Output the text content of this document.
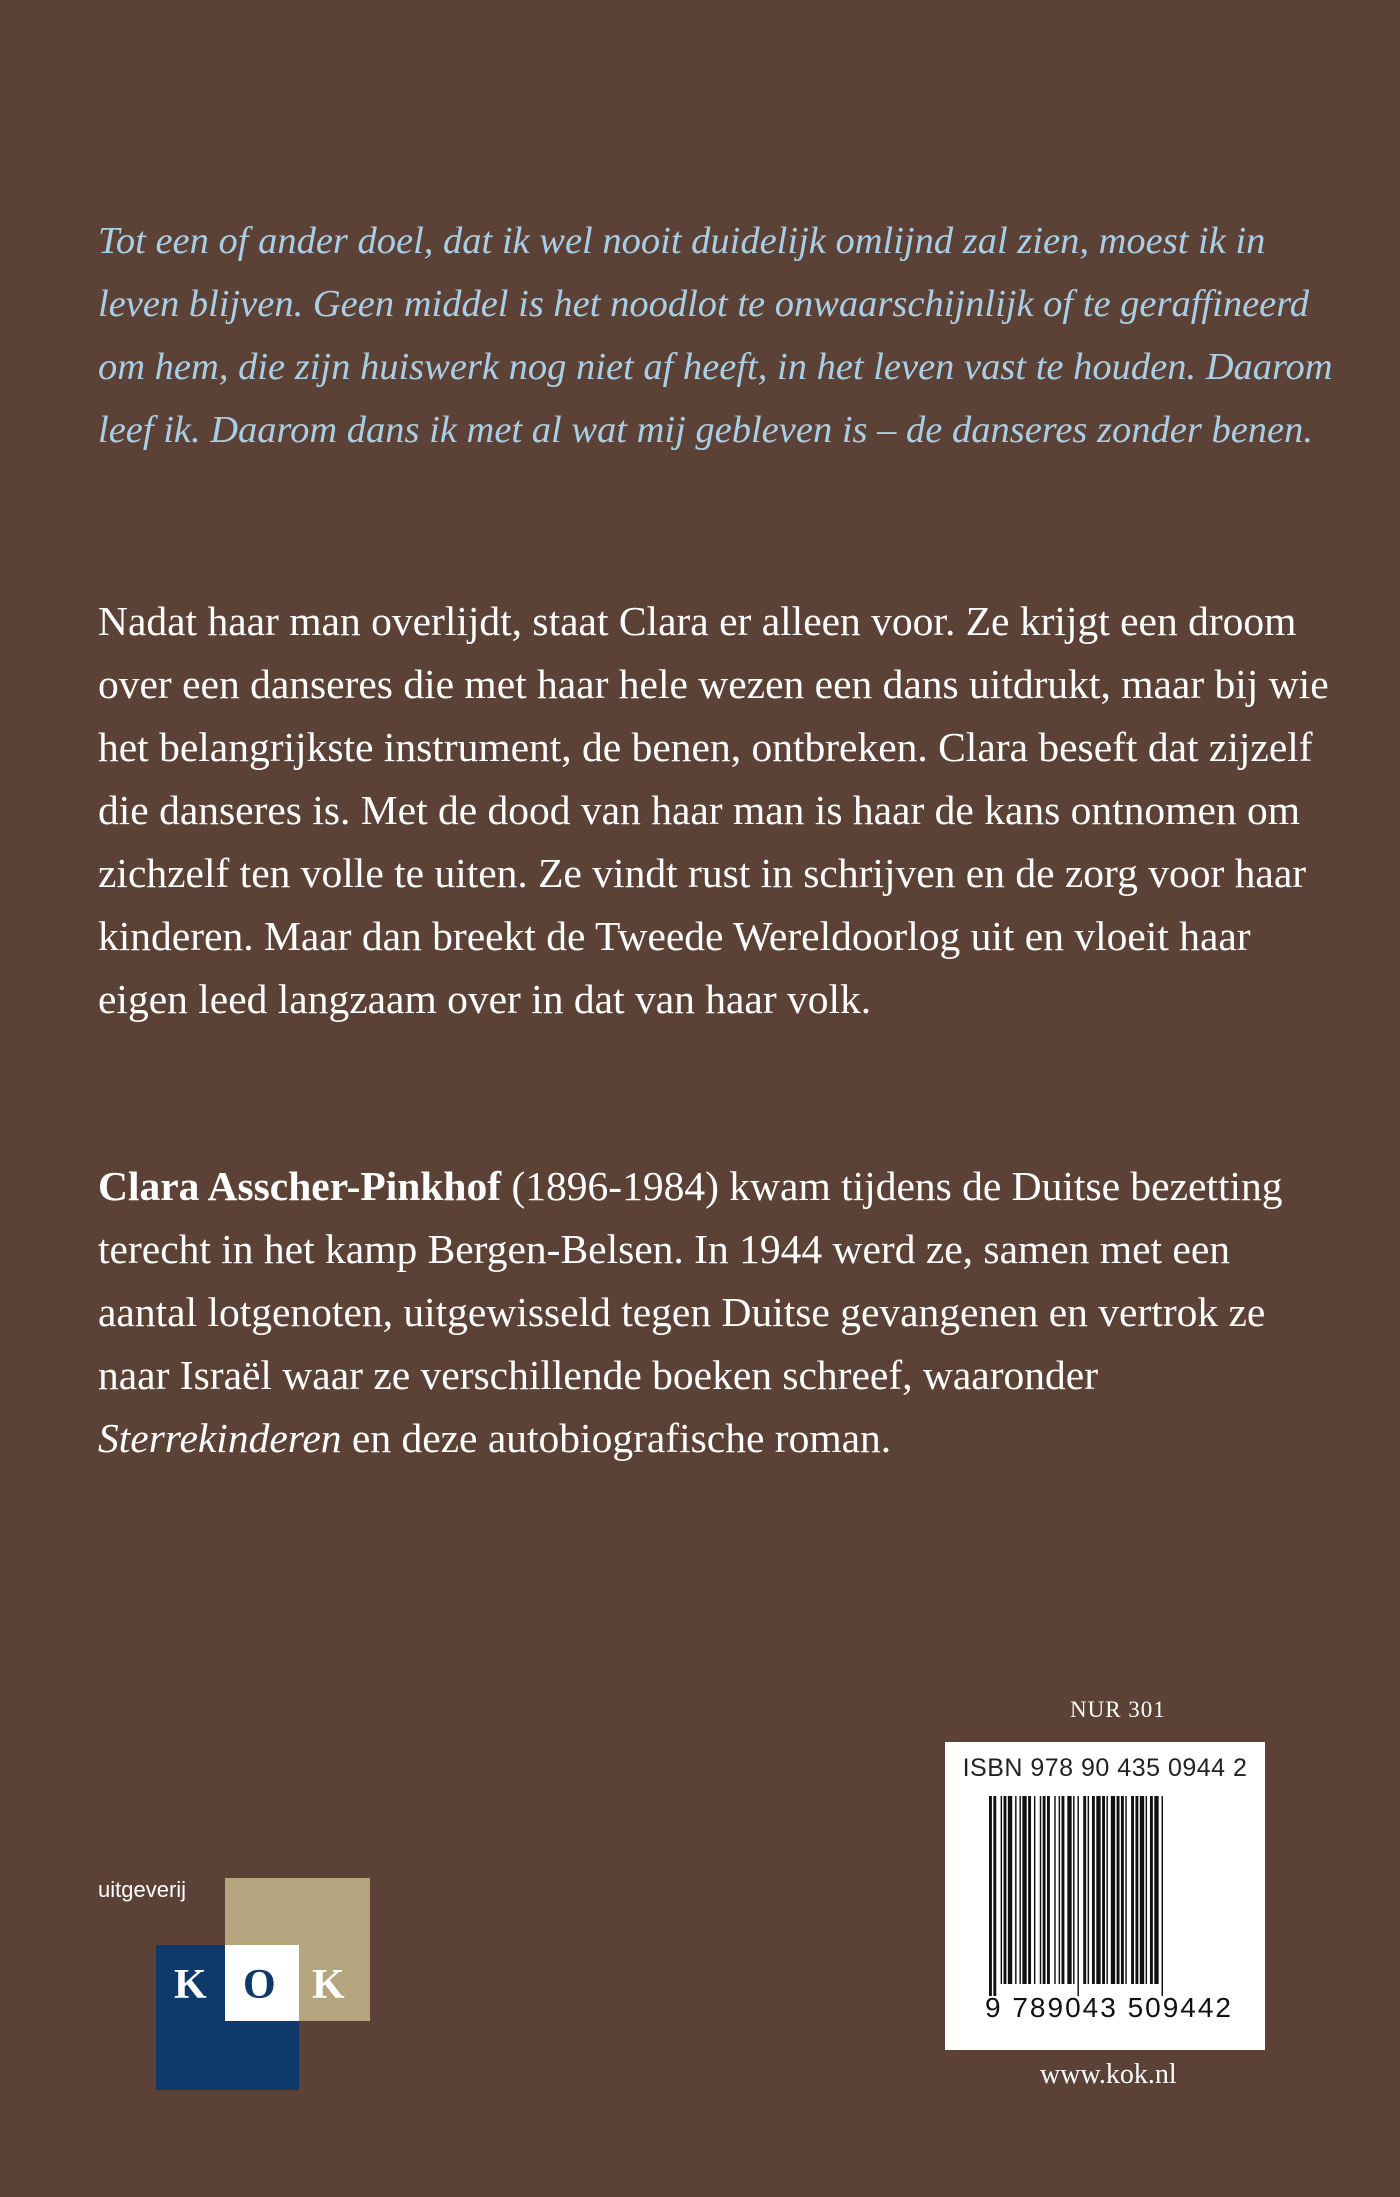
Tot een of ander doel, dat ik wel nooit duidelijk omlijnd zal zien, moest ik in leven blijven. Geen middel is het noodlot te onwaarschijnlijk of te geraffineerd om hem, die zijn huiswerk nog niet af heeft, in het leven vast te houden. Daarom leef ik. Daarom dans ik met al wat mij gebleven is – de danseres zonder benen.

Nadat haar man overlijdt, staat Clara er alleen voor. Ze krijgt een droom over een danseres die met haar hele wezen een dans uitdrukt, maar bij wie het belangrijkste instrument, de benen, ontbreken. Clara beseft dat zijzelf die danseres is. Met de dood van haar man is haar de kans ontnomen om zichzelf ten volle te uiten. Ze vindt rust in schrijven en de zorg voor haar kinderen. Maar dan breekt de Tweede Wereldoorlog uit en vloeit haar eigen leed langzaam over in dat van haar volk.

Clara Asscher-Pinkhof (1896-1984) kwam tijdens de Duitse bezetting terecht in het kamp Bergen-Belsen. In 1944 werd ze, samen met een aantal lotgenoten, uitgewisseld tegen Duitse gevangenen en vertrok ze naar Israël waar ze verschillende boeken schreef, waaronder Sterrekinderen en deze autobiografische roman.

NUR 301
ISBN 978 90 435 0944 2
9 789043 509442
www.kok.nl
uitgeverij
K O K
